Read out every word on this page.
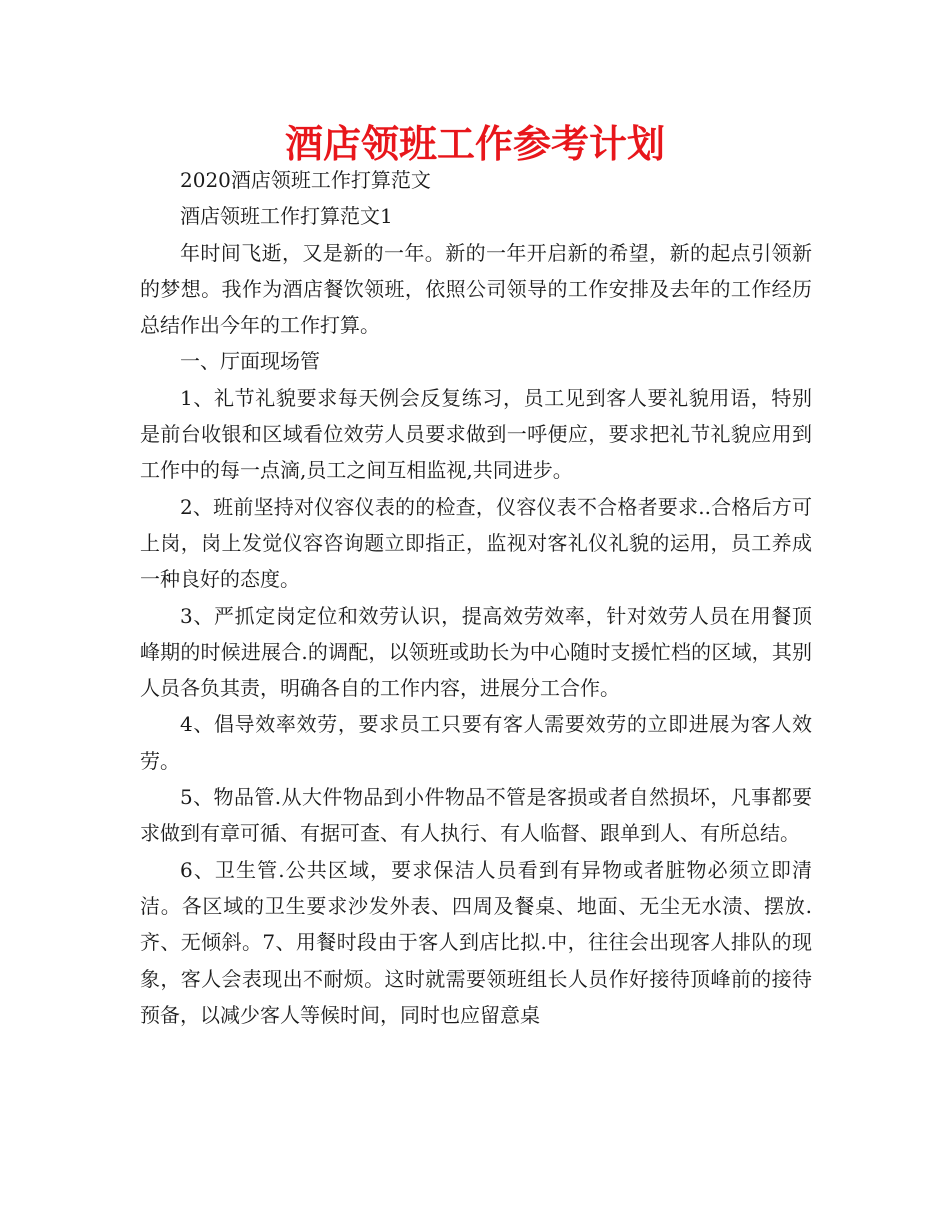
酒店领班工作参考计划

2020酒店领班工作打算范文

酒店领班工作打算范文1

年时间飞逝，又是新的一年。新的一年开启新的希望，新的起点引领新的梦想。我作为酒店餐饮领班，依照公司领导的工作安排及去年的工作经历总结作出今年的工作打算。

一、厅面现场管

1、礼节礼貌要求每天例会反复练习，员工见到客人要礼貌用语，特别是前台收银和区域看位效劳人员要求做到一呼便应，要求把礼节礼貌应用到工作中的每一点滴,员工之间互相监视,共同进步。

2、班前坚持对仪容仪表的的检查，仪容仪表不合格者要求..合格后方可上岗，岗上发觉仪容咨询题立即指正，监视对客礼仪礼貌的运用，员工养成一种良好的态度。

3、严抓定岗定位和效劳认识，提高效劳效率，针对效劳人员在用餐顶峰期的时候进展合.的调配，以领班或助长为中心随时支援忙档的区域，其别人员各负其责，明确各自的工作内容，进展分工合作。

4、倡导效率效劳，要求员工只要有客人需要效劳的立即进展为客人效劳。

5、物品管.从大件物品到小件物品不管是客损或者自然损坏，凡事都要求做到有章可循、有据可查、有人执行、有人临督、跟单到人、有所总结。

6、卫生管.公共区域，要求保洁人员看到有异物或者脏物必须立即清洁。各区域的卫生要求沙发外表、四周及餐桌、地面、无尘无水渍、摆放.齐、无倾斜。7、用餐时段由于客人到店比拟.中，往往会出现客人排队的现象，客人会表现出不耐烦。这时就需要领班组长人员作好接待顶峰前的接待预备，以减少客人等候时间，同时也应留意桌
